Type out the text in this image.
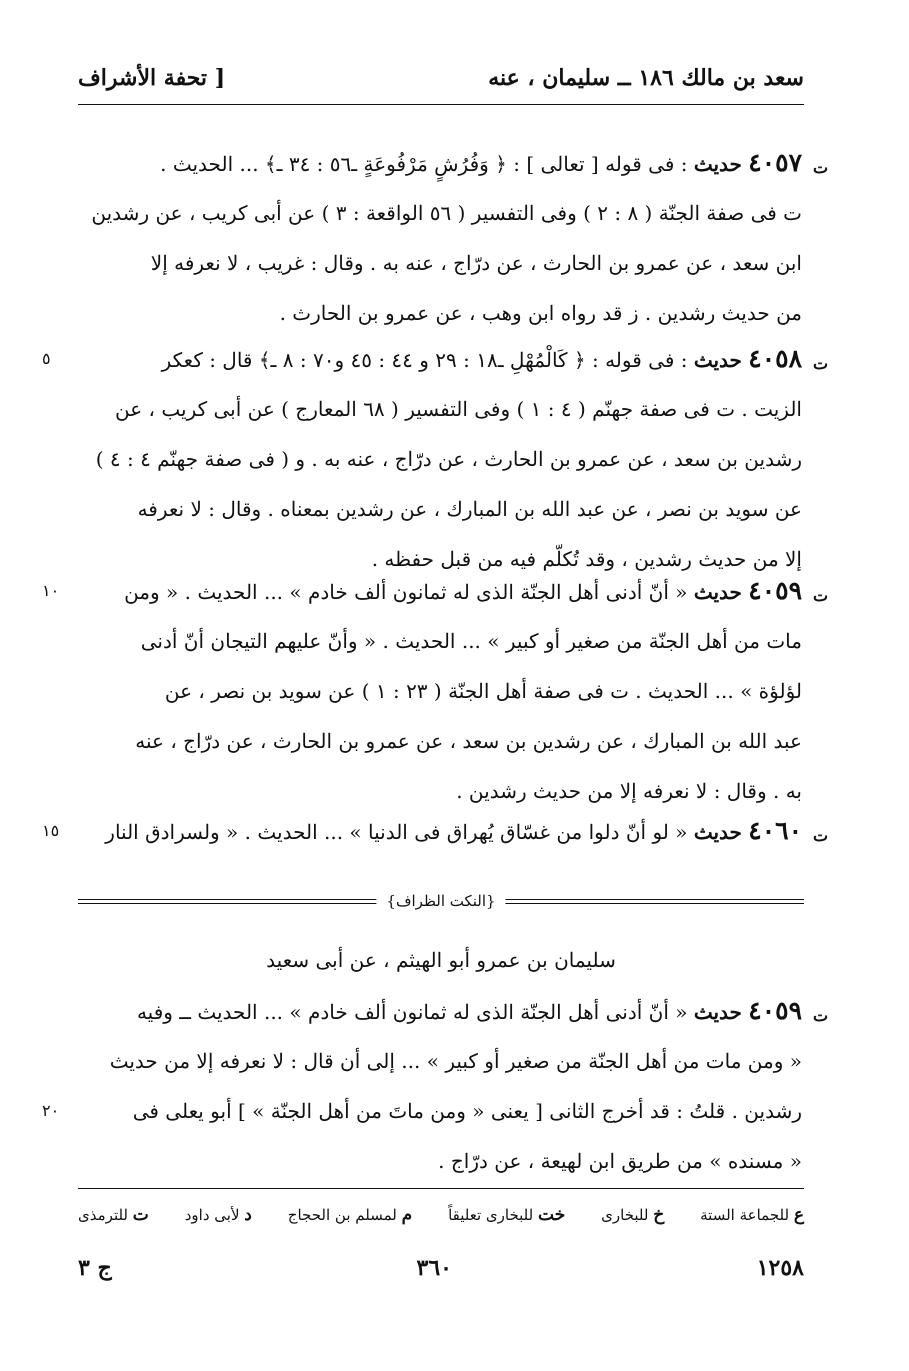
سعد بن مالك ١٨٦ ــ سليمان ، عنه
[ تحفة الأشراف
٤٠٥٧ حديث : فى قوله [ تعالى ] : ﴿ وَفُرُشٍ مَرْفُوعَةٍ ـ٥٦ : ٣٤ ـ﴾ ... الحديث .	ت
ت فى صفة الجنّة ( ٨ : ٢ ) وفى التفسير ( ٥٦ الواقعة : ٣ ) عن أبى كريب ، عن رشدين
ابن سعد ، عن عمرو بن الحارث ، عن درّاج ، عنه به . وقال : غريب ، لا نعرفه إلا
من حديث رشدين . ز قد رواه ابن وهب ، عن عمرو بن الحارث .
٤٠٥٨ حديث : فى قوله : ﴿ كَالْمُهْلِ ـ١٨ : ٢٩ و ٤٤ : ٤٥ و٧٠ : ٨ ـ﴾ قال : كعكر	ت
٥
الزيت . ت فى صفة جهنّم ( ٤ : ١ ) وفى التفسير ( ٦٨ المعارج ) عن أبى كريب ، عن
رشدين بن سعد ، عن عمرو بن الحارث ، عن درّاج ، عنه به . و ( فى صفة جهنّم ٤ : ٤ )
عن سويد بن نصر ، عن عبد الله بن المبارك ، عن رشدين بمعناه . وقال : لا نعرفه
إلا من حديث رشدين ، وقد تُكلّم فيه من قبل حفظه .
٤٠٥٩ حديث « أنّ أدنى أهل الجنّة الذى له ثمانون ألف خادم » ... الحديث . « ومن	ت
١٠
مات من أهل الجنّة من صغير أو كبير » ... الحديث . « وأنّ عليهم التيجان أنّ أدنى
لؤلؤة » ... الحديث . ت فى صفة أهل الجنّة ( ٢٣ : ١ ) عن سويد بن نصر ، عن
عبد الله بن المبارك ، عن رشدين بن سعد ، عن عمرو بن الحارث ، عن درّاج ، عنه
به . وقال : لا نعرفه إلا من حديث رشدين .
٤٠٦٠ حديث « لو أنّ دلوا من غسّاق يُهراق فى الدنيا » ... الحديث . « ولسرادق النار	ت
١٥
{النكت الظراف}
سليمان بن عمرو أبو الهيثم ، عن أبى سعيد
٤٠٥٩ حديث « أنّ أدنى أهل الجنّة الذى له ثمانون ألف خادم » ... الحديث ــ وفيه	ت
« ومن مات من أهل الجنّة من صغير أو كبير » ... إلى أن قال : لا نعرفه إلا من حديث
رشدين . قلتُ : قد أخرج الثانى [ يعنى « ومن ماتَ من أهل الجنّة » ] أبو يعلى فى
٢٠
« مسنده » من طريق ابن لهيعة ، عن درّاج .
ع للجماعة الستة
خ للبخارى
خت للبخارى تعليقاً
م لمسلم بن الحجاج
د لأبى داود
ت للترمذى
١٢٥٨
٣٦٠
ج ٣
